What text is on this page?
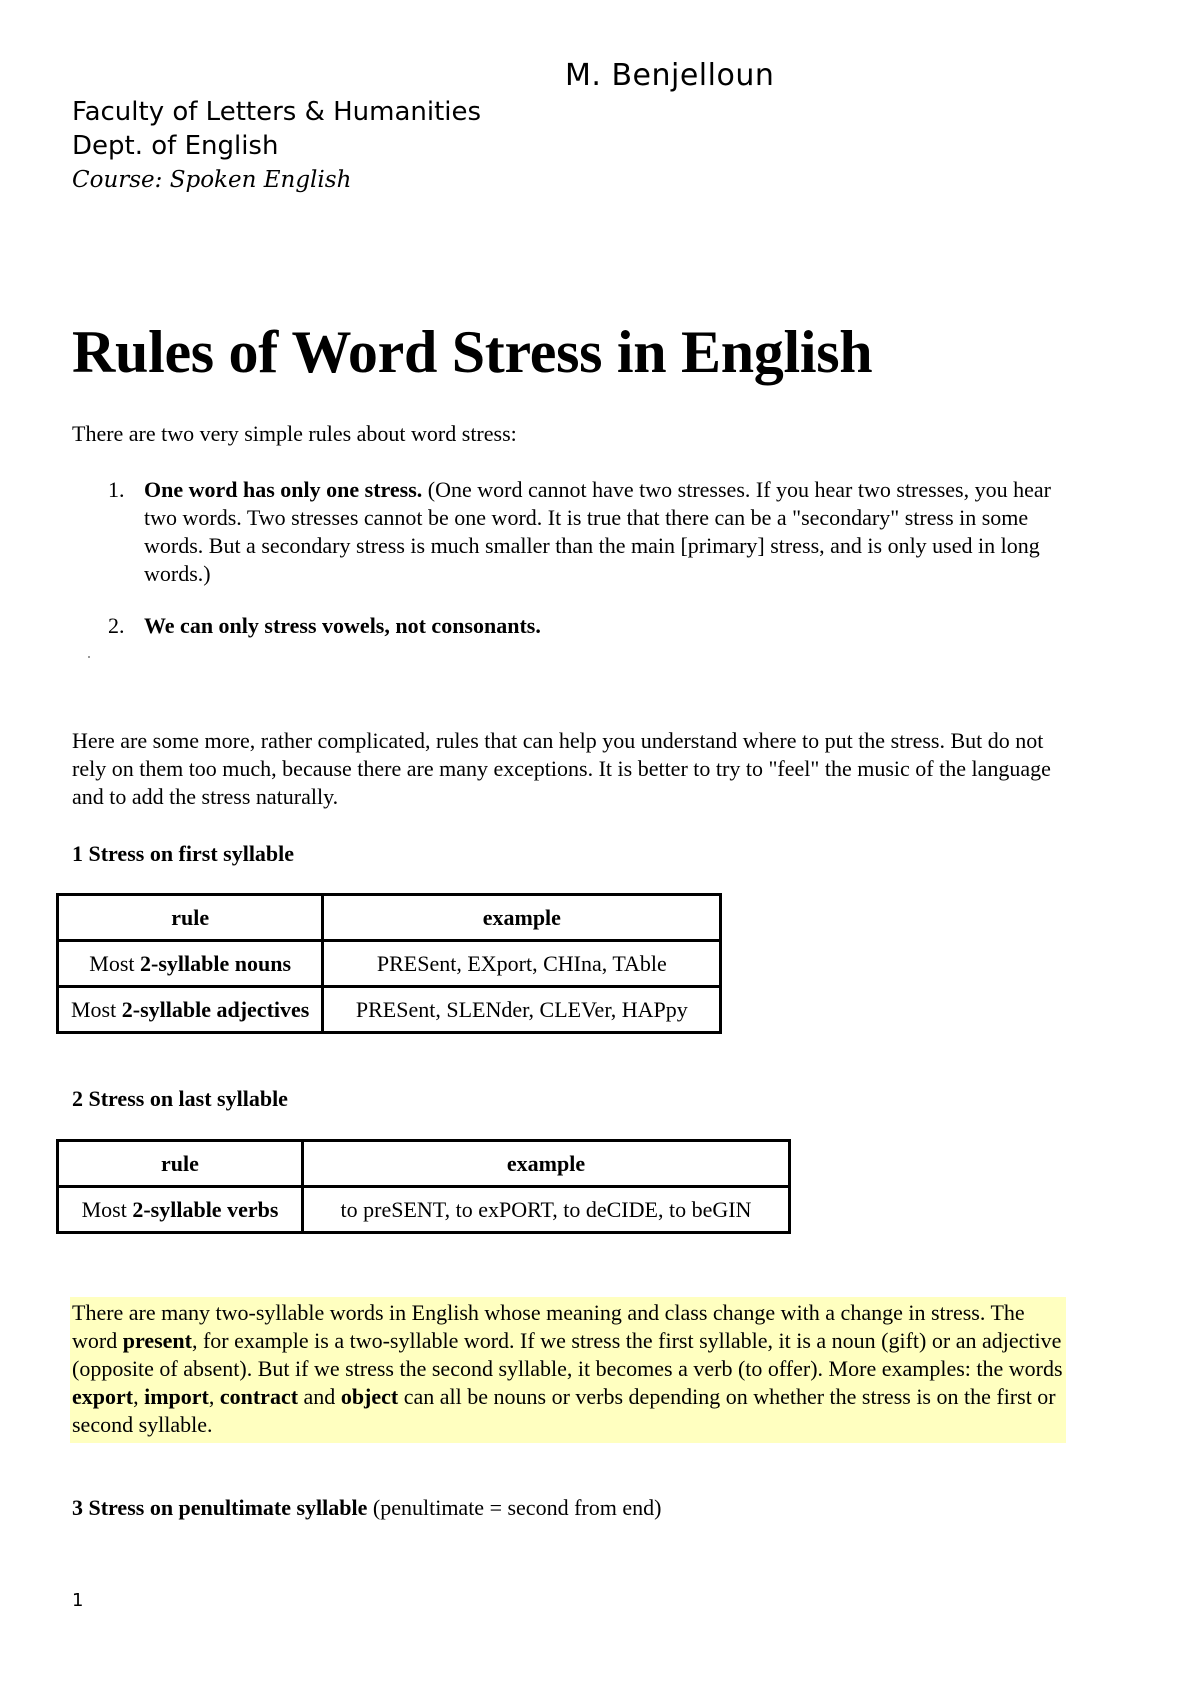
M. Benjelloun
Faculty of Letters & Humanities
Dept. of English
Course: Spoken English
Rules of Word Stress in English
There are two very simple rules about word stress:
1. One word has only one stress. (One word cannot have two stresses. If you hear two stresses, you hear two words. Two stresses cannot be one word. It is true that there can be a "secondary" stress in some words. But a secondary stress is much smaller than the main [primary] stress, and is only used in long words.)
2. We can only stress vowels, not consonants.
Here are some more, rather complicated, rules that can help you understand where to put the stress. But do not rely on them too much, because there are many exceptions. It is better to try to "feel" the music of the language and to add the stress naturally.
1 Stress on first syllable
rule	example
Most 2-syllable nouns	PRESent, EXport, CHIna, TAble
Most 2-syllable adjectives	PRESent, SLENder, CLEVer, HAPpy
2 Stress on last syllable
rule	example
Most 2-syllable verbs	to preSENT, to exPORT, to deCIDE, to beGIN
There are many two-syllable words in English whose meaning and class change with a change in stress. The word present, for example is a two-syllable word. If we stress the first syllable, it is a noun (gift) or an adjective (opposite of absent). But if we stress the second syllable, it becomes a verb (to offer). More examples: the words export, import, contract and object can all be nouns or verbs depending on whether the stress is on the first or second syllable.
3 Stress on penultimate syllable (penultimate = second from end)
1
